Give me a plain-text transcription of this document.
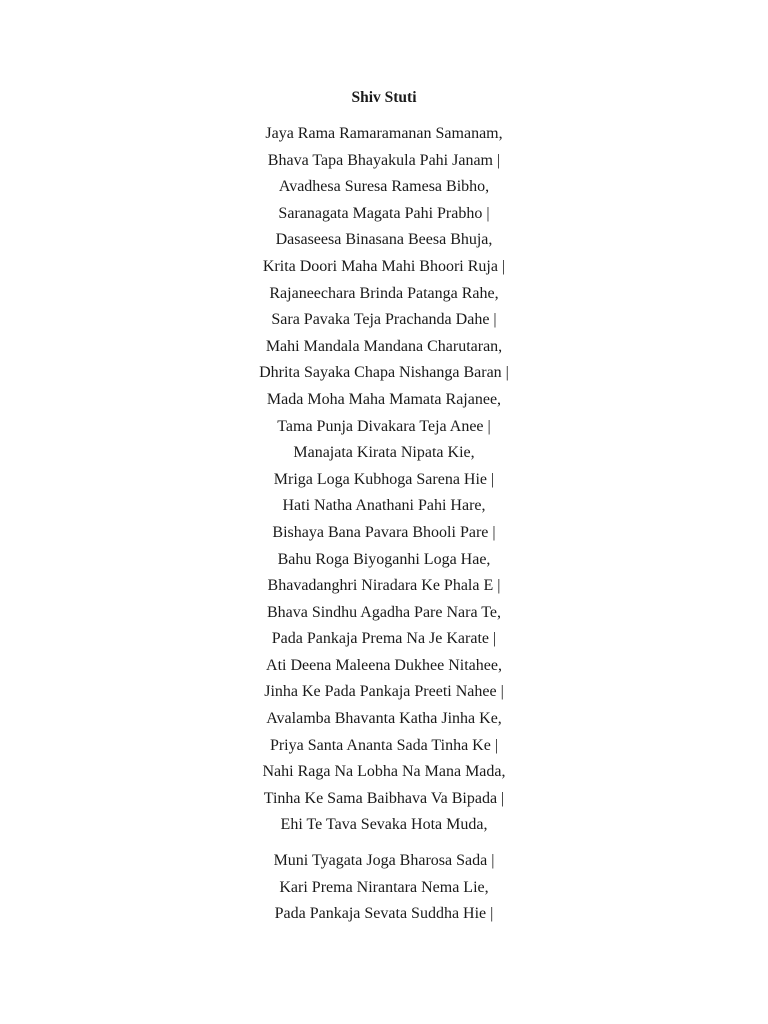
Shiv Stuti
Jaya Rama Ramaramanan Samanam,
Bhava Tapa Bhayakula Pahi Janam |
Avadhesa Suresa Ramesa Bibho,
Saranagata Magata Pahi Prabho |
Dasaseesa Binasana Beesa Bhuja,
Krita Doori Maha Mahi Bhoori Ruja |
Rajaneechara Brinda Patanga Rahe,
Sara Pavaka Teja Prachanda Dahe |
Mahi Mandala Mandana Charutaran,
Dhrita Sayaka Chapa Nishanga Baran |
Mada Moha Maha Mamata Rajanee,
Tama Punja Divakara Teja Anee |
Manajata Kirata Nipata Kie,
Mriga Loga Kubhoga Sarena Hie |
Hati Natha Anathani Pahi Hare,
Bishaya Bana Pavara Bhooli Pare |
Bahu Roga Biyoganhi Loga Hae,
Bhavadanghri Niradara Ke Phala E |
Bhava Sindhu Agadha Pare Nara Te,
Pada Pankaja Prema Na Je Karate |
Ati Deena Maleena Dukhee Nitahee,
Jinha Ke Pada Pankaja Preeti Nahee |
Avalamba Bhavanta Katha Jinha Ke,
Priya Santa Ananta Sada Tinha Ke |
Nahi Raga Na Lobha Na Mana Mada,
Tinha Ke Sama Baibhava Va Bipada |
Ehi Te Tava Sevaka Hota Muda,
Muni Tyagata Joga Bharosa Sada |
Kari Prema Nirantara Nema Lie,
Pada Pankaja Sevata Suddha Hie |
